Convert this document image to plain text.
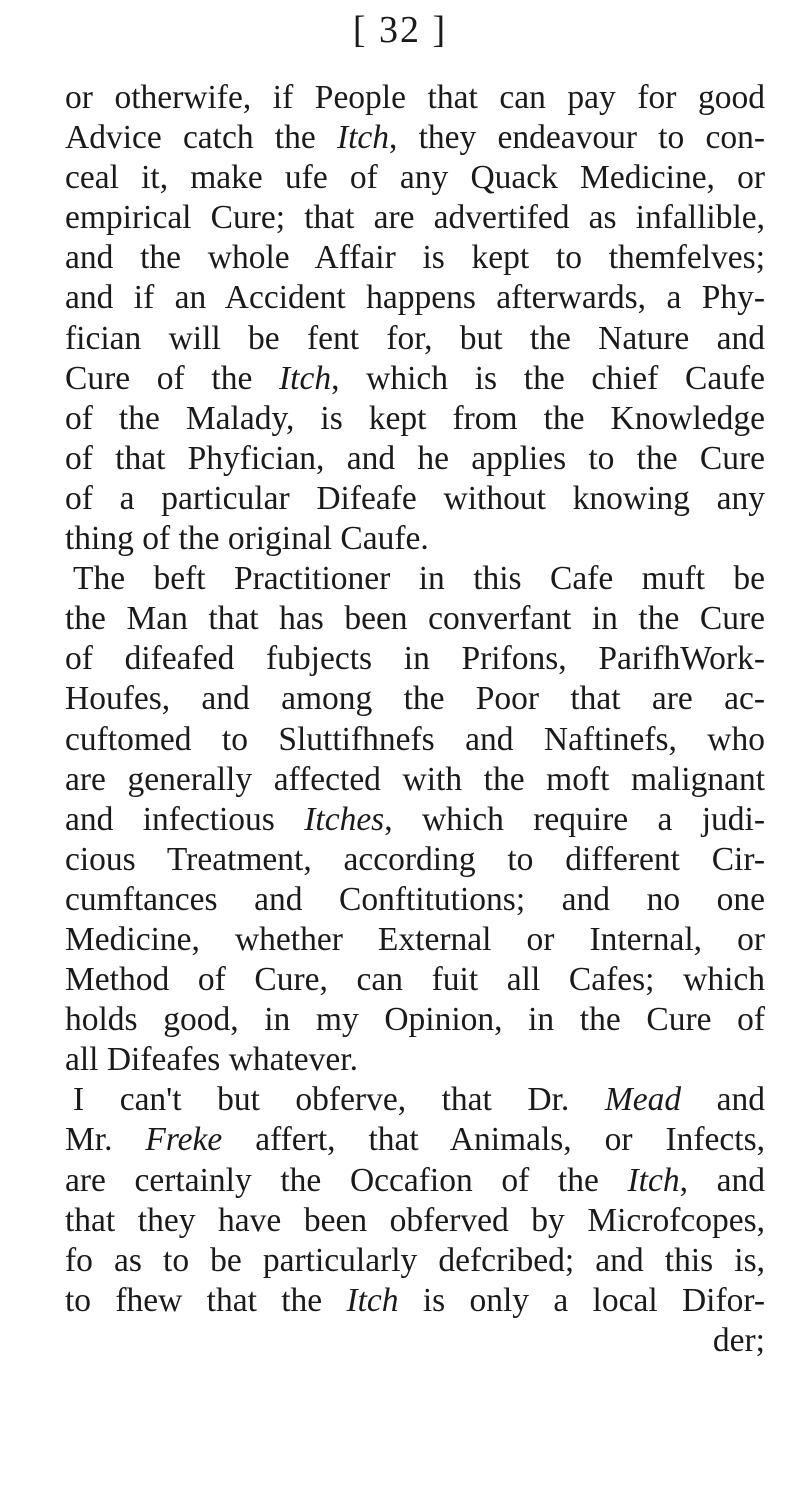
[ 32 ]
or otherwife, if People that can pay for good
Advice catch the Itch, they endeavour to con-
ceal it, make ufe of any Quack Medicine, or
empirical Cure; that are advertifed as infallible,
and the whole Affair is kept to themfelves;
and if an Accident happens afterwards, a Phy-
fician will be fent for, but the Nature and
Cure of the Itch, which is the chief Caufe
of the Malady, is kept from the Knowledge
of that Phyfician, and he applies to the Cure
of a particular Difeafe without knowing any
thing of the original Caufe.
The beft Practitioner in this Cafe muft be
the Man that has been converfant in the Cure
of difeafed fubjects in Prifons, ParifhWork-
Houfes, and among the Poor that are ac-
cuftomed to Sluttifhnefs and Naftinefs, who
are generally affected with the moft malignant
and infectious Itches, which require a judi-
cious Treatment, according to different Cir-
cumftances and Conftitutions; and no one
Medicine, whether External or Internal, or
Method of Cure, can fuit all Cafes; which
holds good, in my Opinion, in the Cure of
all Difeafes whatever.
I can't but obferve, that Dr. Mead and
Mr. Freke affert, that Animals, or Infects,
are certainly the Occafion of the Itch, and
that they have been obferved by Microfcopes,
fo as to be particularly defcribed; and this is,
to fhew that the Itch is only a local Difor-
der;
